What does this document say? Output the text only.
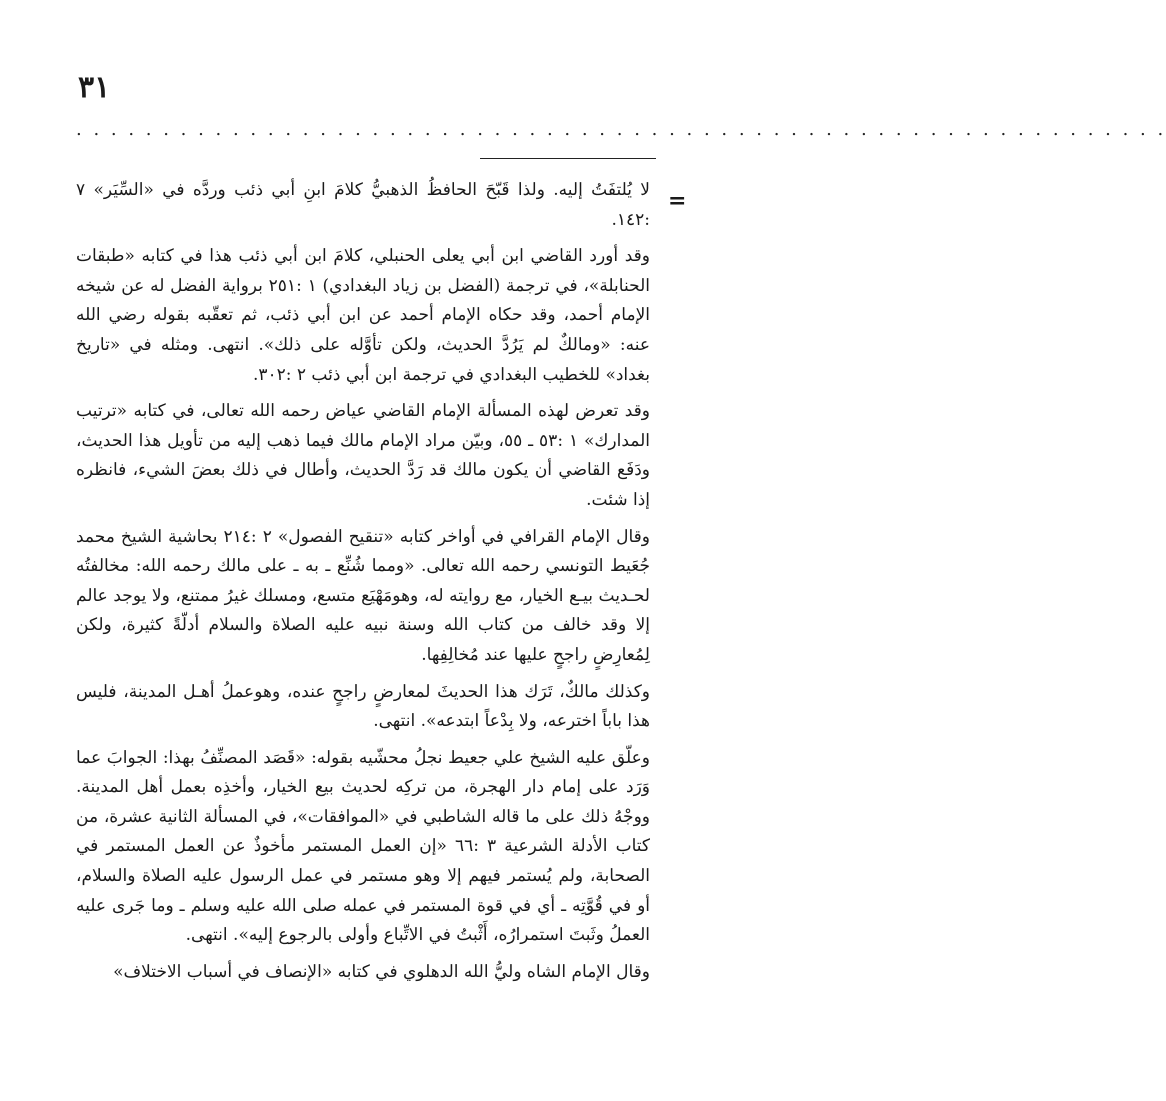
٣١
. . . . . . . . . . . . . . . . . . . . . . . . . . . . . . . . . . . . . . . . . . . . . . . . . . . . . . . . . . . . . . .
=

لا يُلتفَتُ إليه. ولذا قَبّحَ الحافظُ الذهبيُّ كلامَ ابنِ أبي ذئب وردَّه في «السِّيَر» ٧ :١٤٢.

وقد أورد القاضي ابن أبي يعلى الحنبلي، كلامَ ابن أبي ذئب هذا في كتابه «طبقات الحنابلة»، في ترجمة (الفضل بن زياد البغدادي) ١ :٢٥١ برواية الفضل له عن شيخه الإمام أحمد، وقد حكاه الإمام أحمد عن ابن أبي ذئب، ثم تعقّبه بقوله رضي الله عنه: «ومالكٌ لم يَرُدَّ الحديث، ولكن تأوَّله على ذلك». انتهى. ومثله في «تاريخ بغداد» للخطيب البغدادي في ترجمة ابن أبي ذئب ٢ :٣٠٢.

وقد تعرض لهذه المسألة الإمام القاضي عياض رحمه الله تعالى، في كتابه «ترتيب المدارك» ١ :٥٣ ـ ٥٥، وبيّن مراد الإمام مالك فيما ذهب إليه من تأويل هذا الحديث، ودَفَع القاضي أن يكون مالك قد رَدَّ الحديث، وأطال في ذلك بعضَ الشيء، فانظره إذا شئت.

وقال الإمام القرافي في أواخر كتابه «تنقيح الفصول» ٢ :٢١٤ بحاشية الشيخ محمد جُعَيط التونسي رحمه الله تعالى. «ومما شُنِّع ـ به ـ على مالك رحمه الله: مخالفتُه لحـديث بيـع الخيار، مع روايته له، وهومَهْيَع متسع، ومسلك غيرُ ممتنع، ولا يوجد عالم إلا وقد خالف من كتاب الله وسنة نبيه عليه الصلاة والسلام أدلّةً كثيرة، ولكن لِمُعارِضٍ راجحٍ عليها عند مُخالِفِها.

وكذلك مالكٌ، تَرَك هذا الحديثَ لمعارضٍ راجحٍ عنده، وهوعملُ أهـل المدينة، فليس هذا باباً اخترعه، ولا بِدْعاً ابتدعه». انتهى.

وعلّق عليه الشيخ علي جعيط نجلُ محشّيه بقوله: «قَصَد المصنِّفُ بهذا: الجوابَ عما وَرَد على إمام دار الهجرة، من تركِه لحديث بيع الخيار، وأخذِه بعمل أهل المدينة. ووجْهُ ذلك على ما قاله الشاطبي في «الموافقات»، في المسألة الثانية عشرة، من كتاب الأدلة الشرعية ٣ :٦٦ «إن العمل المستمر مأخوذٌ عن العمل المستمر في الصحابة، ولم يُستمر فيهم إلا وهو مستمر في عمل الرسول عليه الصلاة والسلام، أو في قُوَّتِه ـ أي في قوة المستمر في عمله صلى الله عليه وسلم ـ وما جَرى عليه العملُ وثَبتَ استمرارُه، أَثْبتُ في الاتِّباع وأولى بالرجوع إليه». انتهى.

وقال الإمام الشاه وليُّ الله الدهلوي في كتابه «الإنصاف في أسباب الاختلاف»
